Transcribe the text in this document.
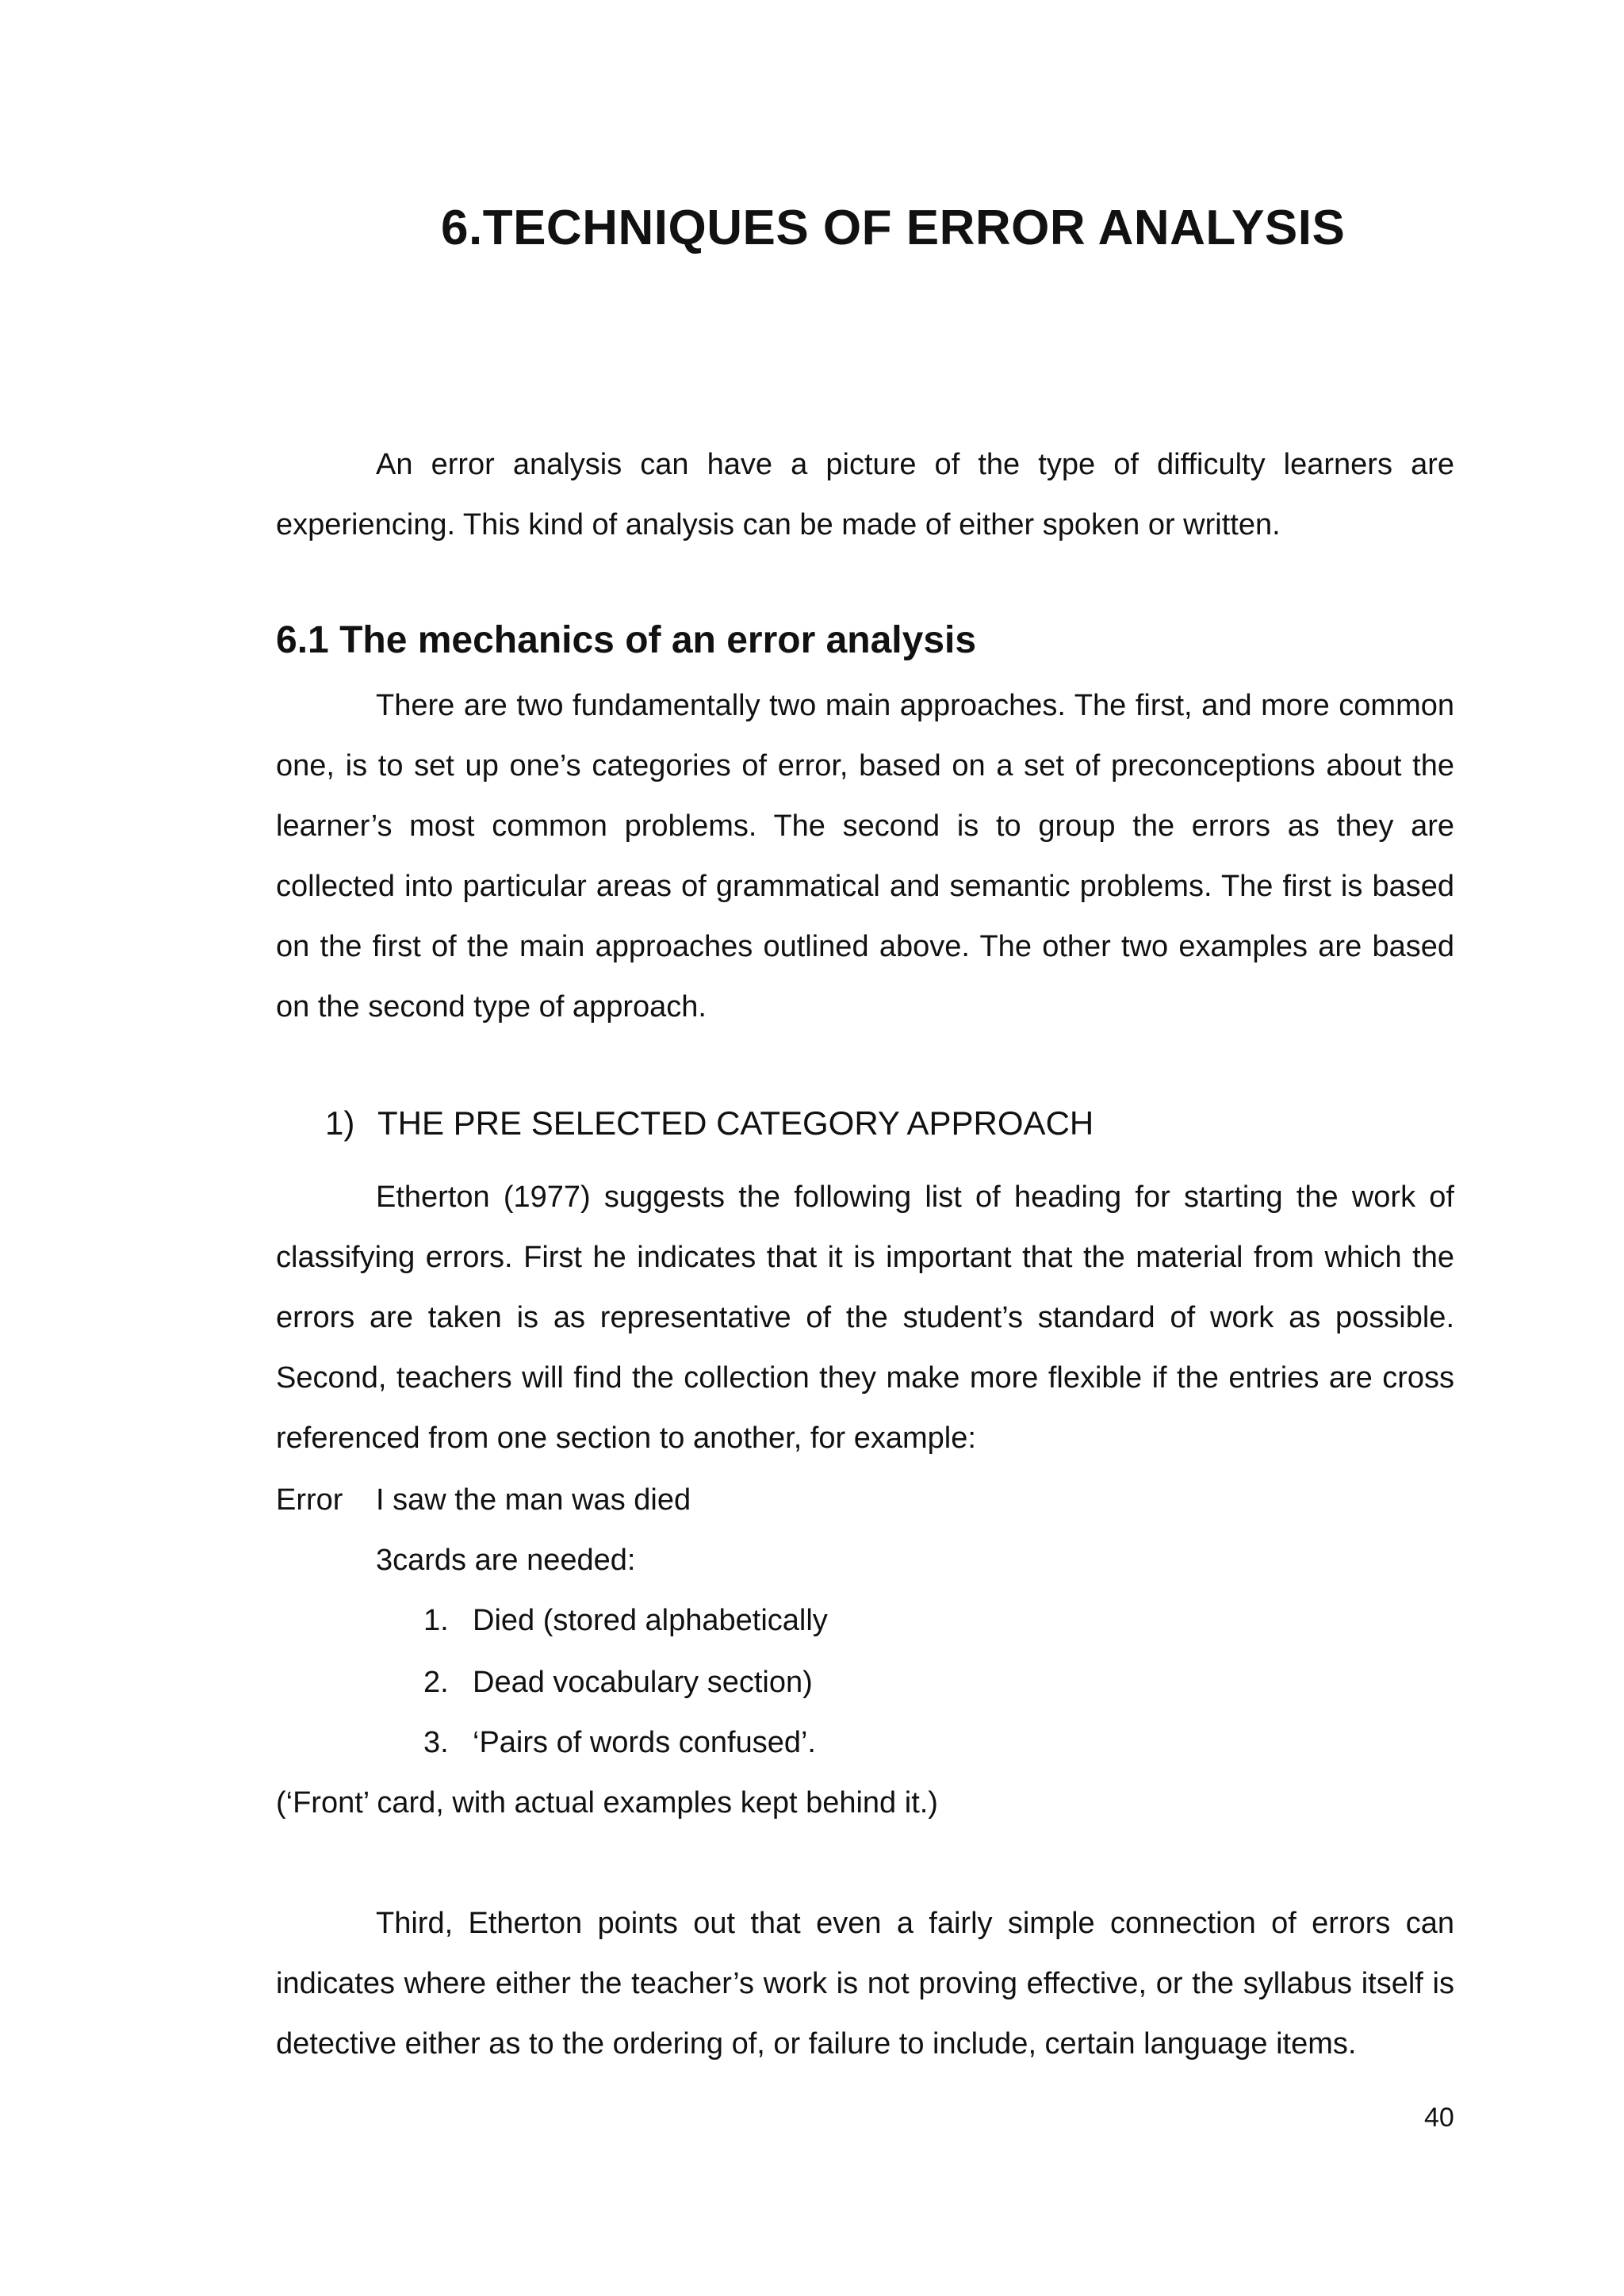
6.TECHNIQUES OF ERROR ANALYSIS

An error analysis can have a picture of the type of difficulty learners are experiencing. This kind of analysis can be made of either spoken or written.

6.1 The mechanics of an error analysis

There are two fundamentally two main approaches. The first, and more common one, is to set up one’s categories of error, based on a set of preconceptions about the learner’s most common problems. The second is to group the errors as they are collected into particular areas of grammatical and semantic problems. The first is based on the first of the main approaches outlined above. The other two examples are based on the second type of approach.

1) THE PRE SELECTED CATEGORY APPROACH

Etherton (1977) suggests the following list of heading for starting the work of classifying errors. First he indicates that it is important that the material from which the errors are taken is as representative of the student’s standard of work as possible. Second, teachers will find the collection they make more flexible if the entries are cross referenced from one section to another, for example:

Error I saw the man was died

3cards are needed:

1. Died (stored alphabetically

2. Dead vocabulary section)

3. ‘Pairs of words confused’.

(‘Front’ card, with actual examples kept behind it.)

Third, Etherton points out that even a fairly simple connection of errors can indicates where either the teacher’s work is not proving effective, or the syllabus itself is detective either as to the ordering of, or failure to include, certain language items.

40
